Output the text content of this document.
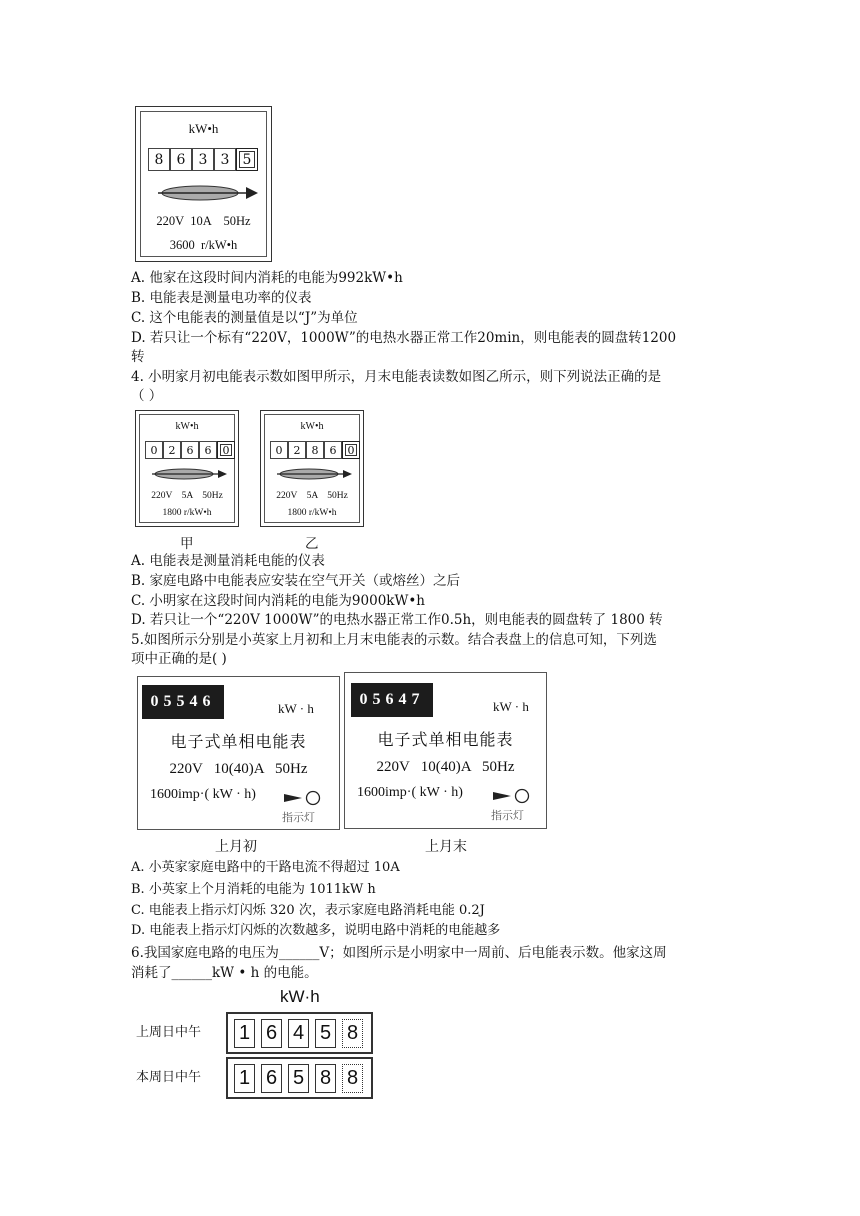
kW•h
8 6 3 3 5
220V  10A    50Hz
3600  r/kW•h
A. 他家在这段时间内消耗的电能为992kW•h
B. 电能表是测量电功率的仪表
C. 这个电能表的测量值是以“J”为单位
D. 若只让一个标有“220V，1000W”的电热水器正常工作20min，则电能表的圆盘转1200
转
4. 小明家月初电能表示数如图甲所示，月末电能表读数如图乙所示，则下列说法正确的是
（ ）
kW•h
0	2	6	6	0
220V    5A    50Hz
1800 r/kW•h
甲
kW•h
0	2	8	6	0
220V    5A    50Hz
1800 r/kW•h
乙
A. 电能表是测量消耗电能的仪表
B. 家庭电路中电能表应安装在空气开关（或熔丝）之后
C. 小明家在这段时间内消耗的电能为9000kW•h
D. 若只让一个“220V 1000W”的电热水器正常工作0.5h，则电能表的圆盘转了 1800 转
5.如图所示分别是小英家上月初和上月末电能表的示数。结合表盘上的信息可知，下列选
项中正确的是( )
05546	kW · h
电子式单相电能表
220V   10(40)A   50Hz
1600imp·( kW · h)
指示灯
上月初
05647	kW · h
电子式单相电能表
220V   10(40)A   50Hz
1600imp·( kW · h)
指示灯
上月末
A. 小英家家庭电路中的干路电流不得超过 10A
B. 小英家上个月消耗的电能为 1011kW h
C. 电能表上指示灯闪烁 320 次，表示家庭电路消耗电能 0.2J
D. 电能表上指示灯闪烁的次数越多，说明电路中消耗的电能越多
6.我国家庭电路的电压为______V；如图所示是小明家中一周前、后电能表示数。他家这周
消耗了______kW • h 的电能。
kW·h
上周日中午 1 6 4 5 8
本周日中午 1 6 5 8 8
